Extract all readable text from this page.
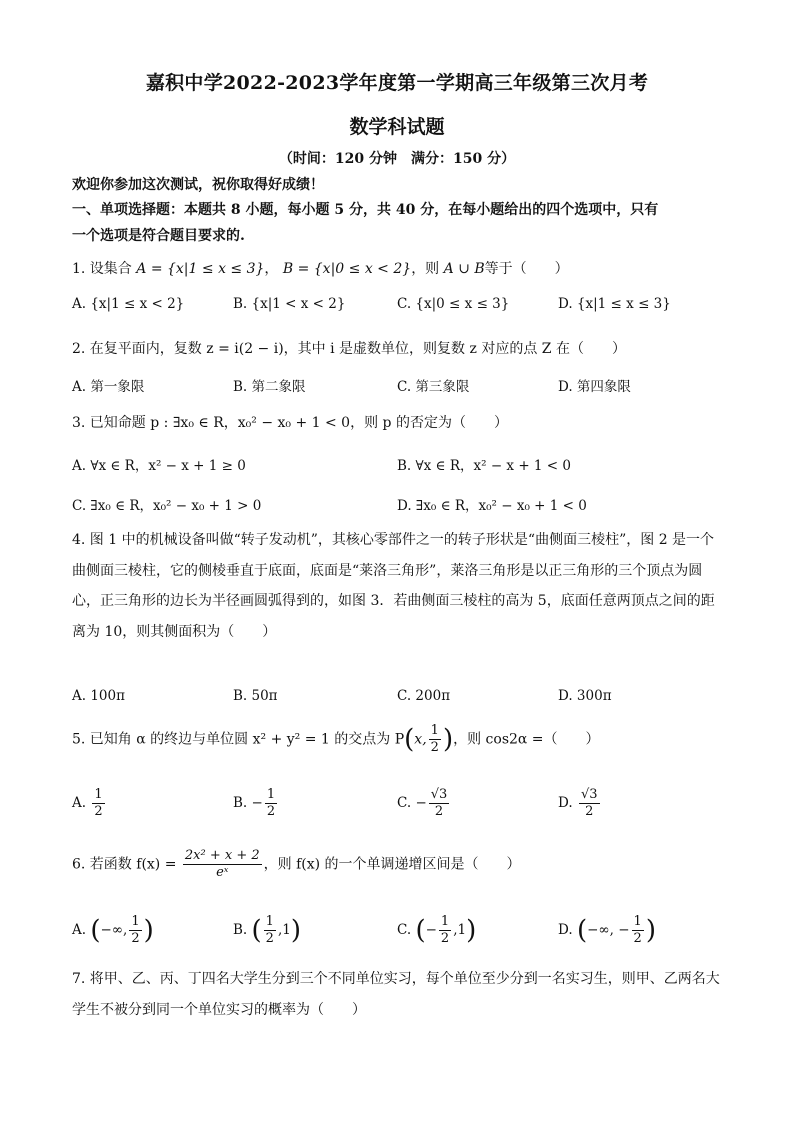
嘉积中学2022-2023学年度第一学期高三年级第三次月考
数学科试题
（时间：120 分钟　满分：150 分）
欢迎你参加这次测试，祝你取得好成绩！
一、单项选择题：本题共 8 小题，每小题 5 分，共 40 分，在每小题给出的四个选项中，只有
一个选项是符合题目要求的.
1. 设集合 A = {x|1 ≤ x ≤ 3}， B = {x|0 ≤ x < 2}，则 A ∪ B等于（　　）
A. {x|1 ≤ x < 2}	B. {x|1 < x < 2}	C. {x|0 ≤ x ≤ 3}	D. {x|1 ≤ x ≤ 3}
2. 在复平面内，复数 z = i(2 − i)，其中 i 是虚数单位，则复数 z 对应的点 Z 在（　　）
A. 第一象限	B. 第二象限	C. 第三象限	D. 第四象限
3. 已知命题 p : ∃x₀ ∈ R，x₀² − x₀ + 1 < 0，则 p 的否定为（　　）
A. ∀x ∈ R，x² − x + 1 ≥ 0	B. ∀x ∈ R，x² − x + 1 < 0
C. ∃x₀ ∈ R，x₀² − x₀ + 1 > 0	D. ∃x₀ ∈ R，x₀² − x₀ + 1 < 0
4. 图 1 中的机械设备叫做“转子发动机”，其核心零部件之一的转子形状是“曲侧面三棱柱”，图 2 是一个曲侧面三棱柱，它的侧棱垂直于底面，底面是“莱洛三角形”，莱洛三角形是以正三角形的三个顶点为圆心，正三角形的边长为半径画圆弧得到的，如图 3．若曲侧面三棱柱的高为 5，底面任意两顶点之间的距离为 10，则其侧面积为（　　）
A. 100π	B. 50π	C. 200π	D. 300π
5. 已知角 α 的终边与单位圆 x² + y² = 1 的交点为 P(x, $\frac{1}{2}$ )，则 cos2α =（　　）
A. $\frac{1}{2}$	B. − $\frac{1}{2}$	C. − $\frac{√3}{2}$	D. $\frac{√3}{2}$
6. 若函数 $f(x) = \frac{\text{2x² + x + 2}}{\text{eˣ}}$ ，则 f(x) 的一个单调递增区间是（　　）
A. (−∞, $\frac{1}{2}$ )	B. ( $\frac{1}{2} ,1$)	C. (− $\frac{1}{2} ,1$)	D. (−∞, − $\frac{1}{2}$ )
7. 将甲、乙、丙、丁四名大学生分到三个不同单位实习，每个单位至少分到一名实习生，则甲、乙两名大学生不被分到同一个单位实习的概率为（　　）
